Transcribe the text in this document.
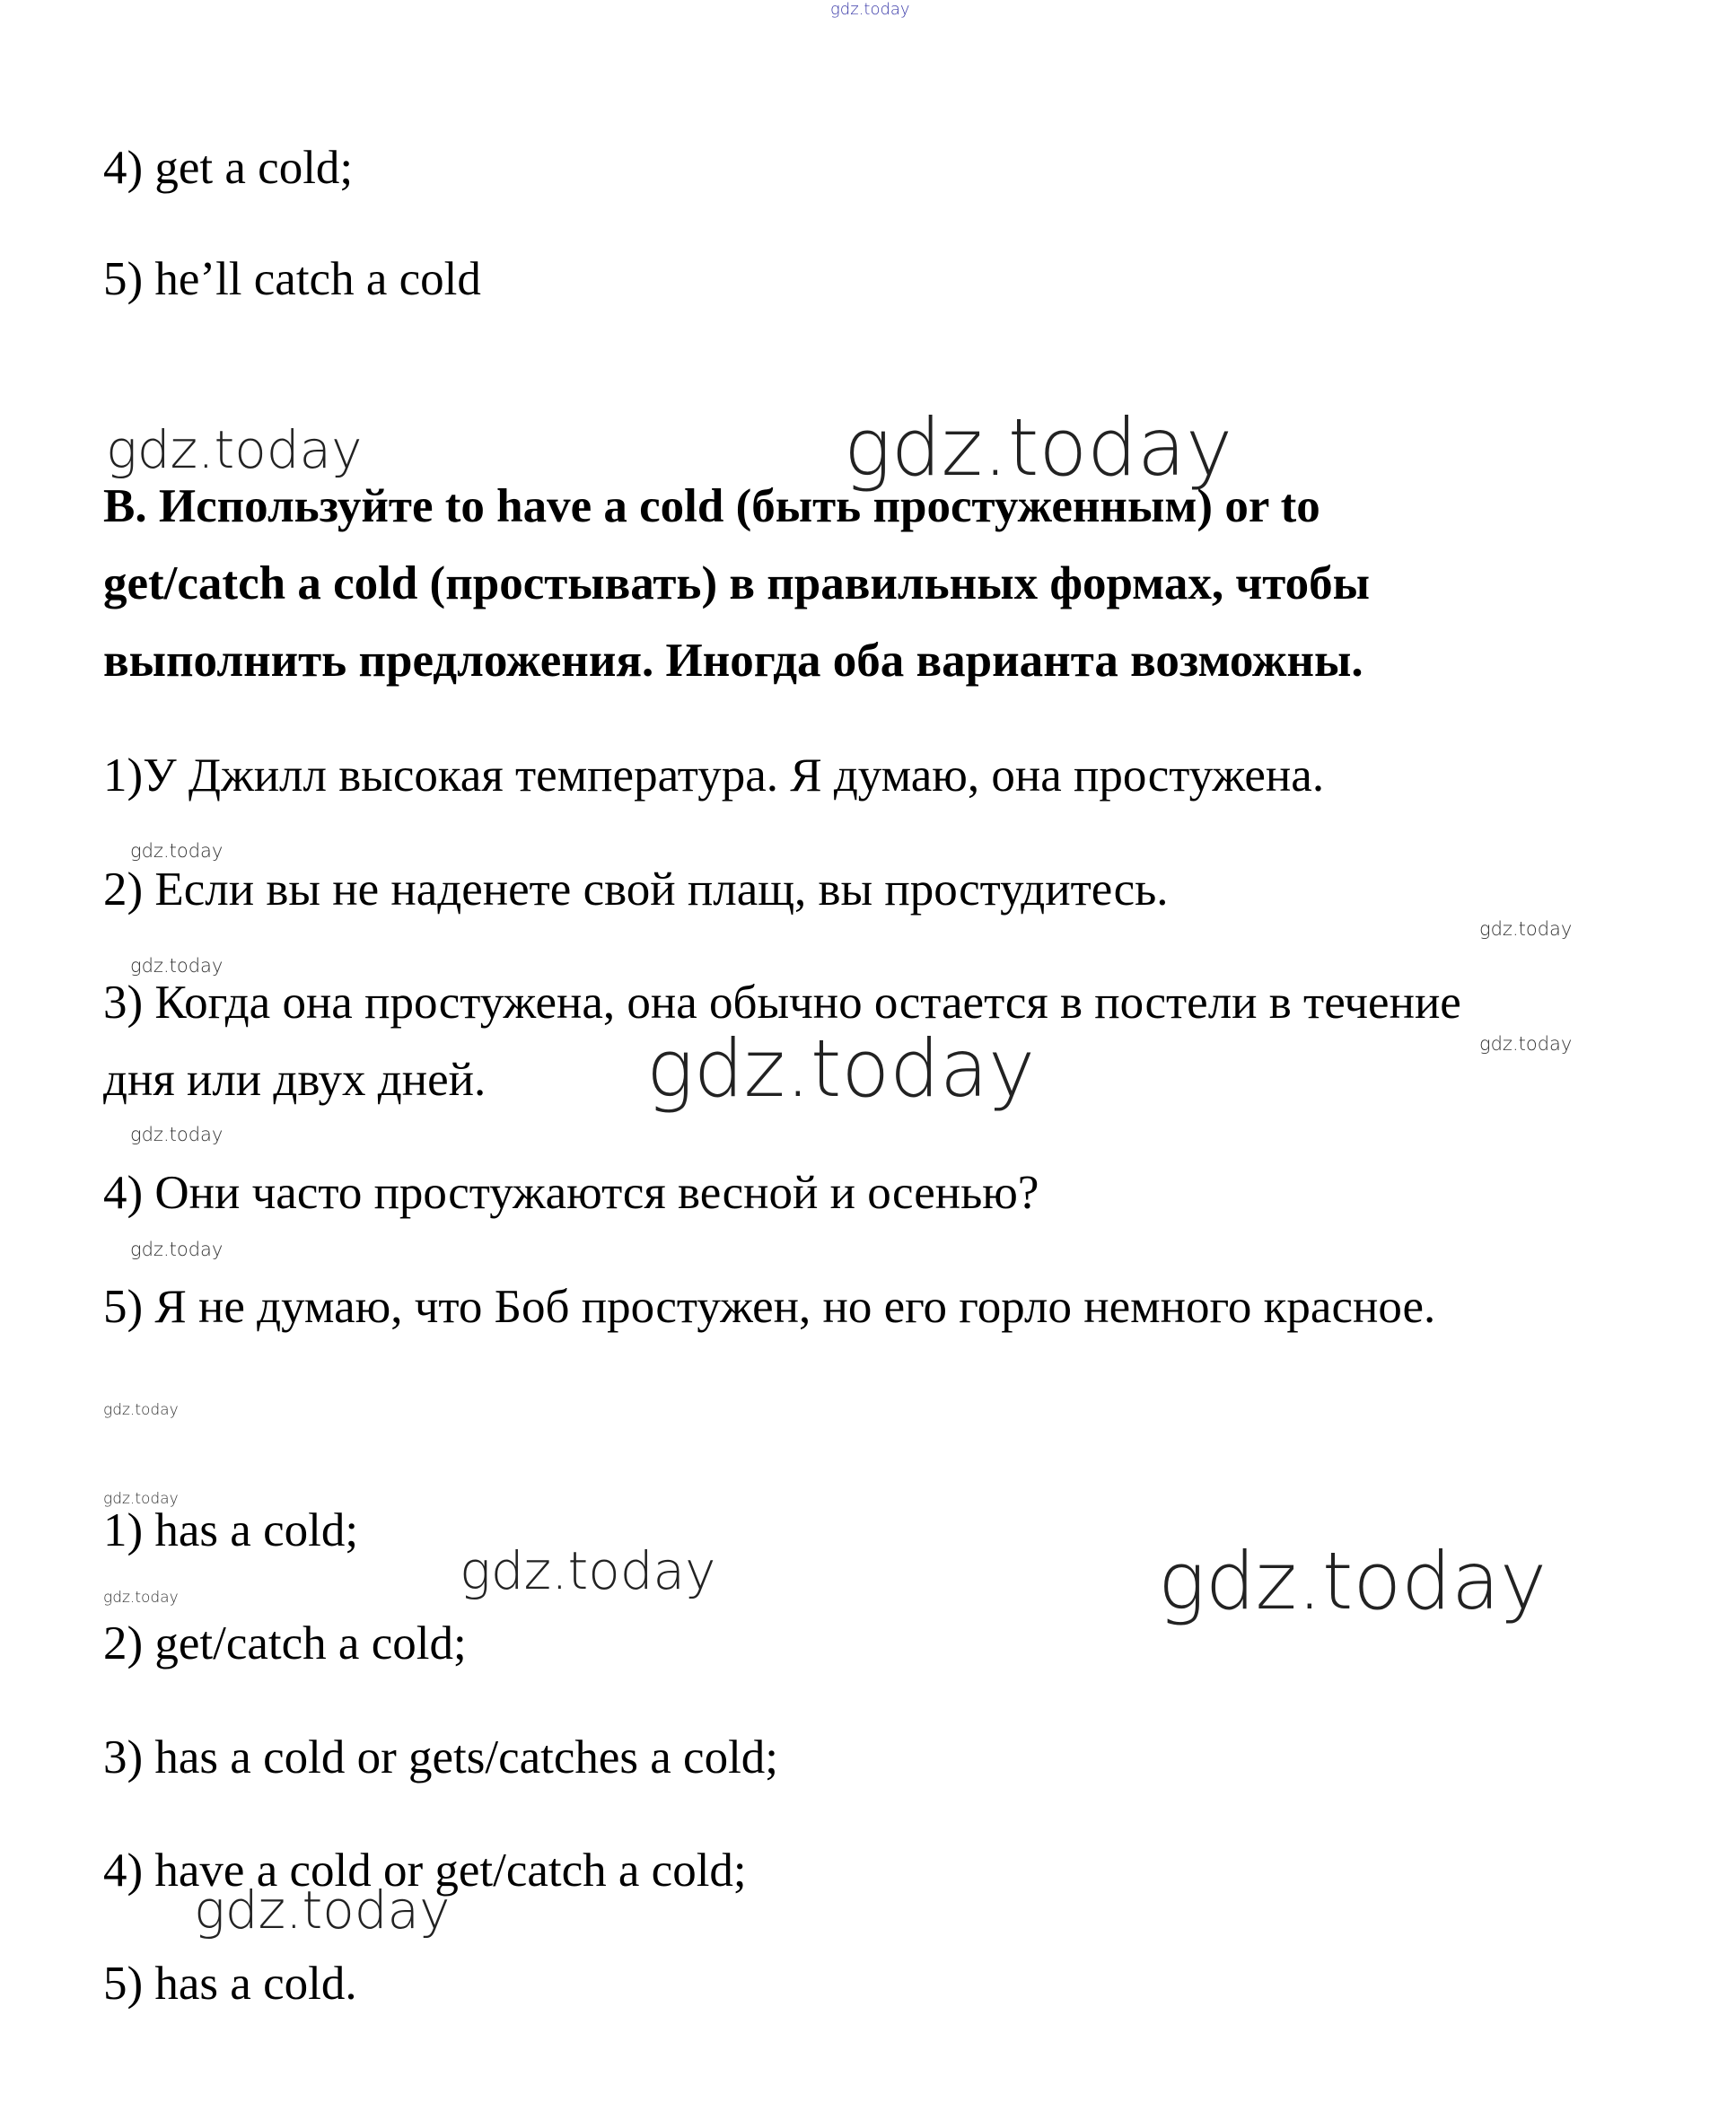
gdz.today
gdz.today	gdz.today
gdz.today
gdz.today
gdz.today
gdz.today
gdz.today
gdz.today
gdz.today
gdz.today
gdz.today
gdz.today	gdz.today
gdz.today
gdz.today
4) get a cold;
5) he’ll catch a cold
B. Используйте to have a cold (быть простуженным) or to
get/catch a cold (простывать) в правильных формах, чтобы
выполнить предложения. Иногда оба варианта возможны.
1)У Джилл высокая температура. Я думаю, она простужена.
2) Если вы не наденете свой плащ, вы простудитесь.
3) Когда она простужена, она обычно остается в постели в течение
дня или двух дней.
4) Они часто простужаются весной и осенью?
5) Я не думаю, что Боб простужен, но его горло немного красное.
1) has a cold;
2) get/catch a cold;
3) has a cold or gets/catches a cold;
4) have a cold or get/catch a cold;
5) has a cold.
